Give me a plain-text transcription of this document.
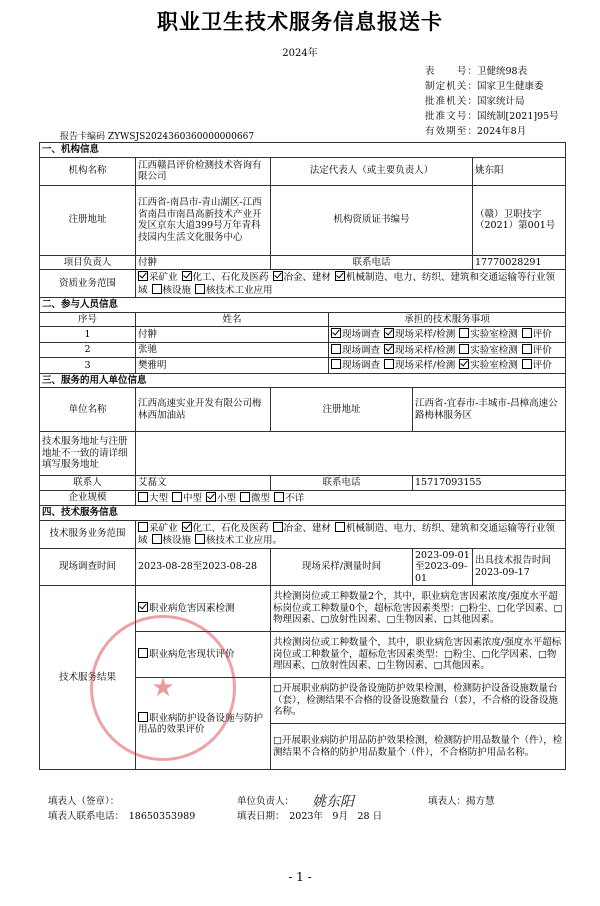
职业卫生技术服务信息报送卡
2024年
表　　号： 卫健统98表
制定机关： 国家卫生健康委
批准机关： 国家统计局
批准文号： 国统制[2021]95号
有效期至： 2024年8月
报告卡编码 ZYWSJS2024360360000000667
一、机构信息					
机构名称	江西赣昌评价检测技术咨询有限公司	法定代表人（或主要负责人）			姚东阳
注册地址	江西省-南昌市-青山湖区-江西省南昌市南昌高新技术产业开发区京东大道399号万年青科技园内生活文化服务中心	机构资质证书编号			（赣）卫职技字（2021）第001号
项目负责人	付翀	联系电话			17770028291
资质业务范围	采矿业 化工、石化及医药 冶金、建材 机械制造、电力、纺织、建筑和交通运输等行业领域 核设施 核技术工业应用				
二、参与人员信息					
序号	姓名		承担的技术服务事项		
1	付翀		现场调查 现场采样/检测 实验室检测 评价		
2	张驰		现场调查 现场采样/检测 实验室检测 评价		
3	樊雅明		现场调查 现场采样/检测 实验室检测 评价		
三、服务的用人单位信息					
单位名称	江西高速实业开发有限公司梅林西加油站	注册地址		江西省-宜春市-丰城市-昌樟高速公路梅林服务区	
技术服务地址与注册地址不一致的请详细填写服务地址					
联系人	艾磊文	联系电话		15717093155	
企业规模	大型 中型 小型 微型 不详				
四、技术服务信息					
技术服务业务范围	采矿业 化工、石化及医药 冶金、建材 机械制造、电力、纺织、建筑和交通运输等行业领域 核设施 核技术工业应用。				
现场调查时间	2023-08-28至2023-08-28	现场采样/测量时间		2023-09-01至2023-09-01	出具技术报告时间 2023-09-17
技术服务结果	职业病危害因素检测	共检测岗位或工种数量2个，其中，职业病危害因素浓度/强度水平超标岗位或工种数量0个，超标危害因素类型：□粉尘、□化学因素、□物理因素、□放射性因素、□生物因素、□其他因素。			
	职业病危害现状评价	共检测岗位或工种数量个，其中，职业病危害因素浓度/强度水平超标岗位或工种数量个，超标危害因素类型：□粉尘、□化学因素、□物理因素、□放射性因素、□生物因素、□其他因素。			
	职业病防护设备设施与防护用品的效果评价	□开展职业病防护设备设施防护效果检测，检测防护设备设施数量台（套），检测结果不合格的设备设施数量台（套），不合格的设备设施名称。			
		□开展职业病防护用品防护效果检测，检测防护用品数量个（件），检测结果不合格的防护用品数量个（件），不合格防护用品名称。			
★
填表人（签章）：	单位负责人： 姚东阳	填表人：揭方慧
填表人联系电话：　18650353989	填表日期：　2023年　9月　28 日
- 1 -
